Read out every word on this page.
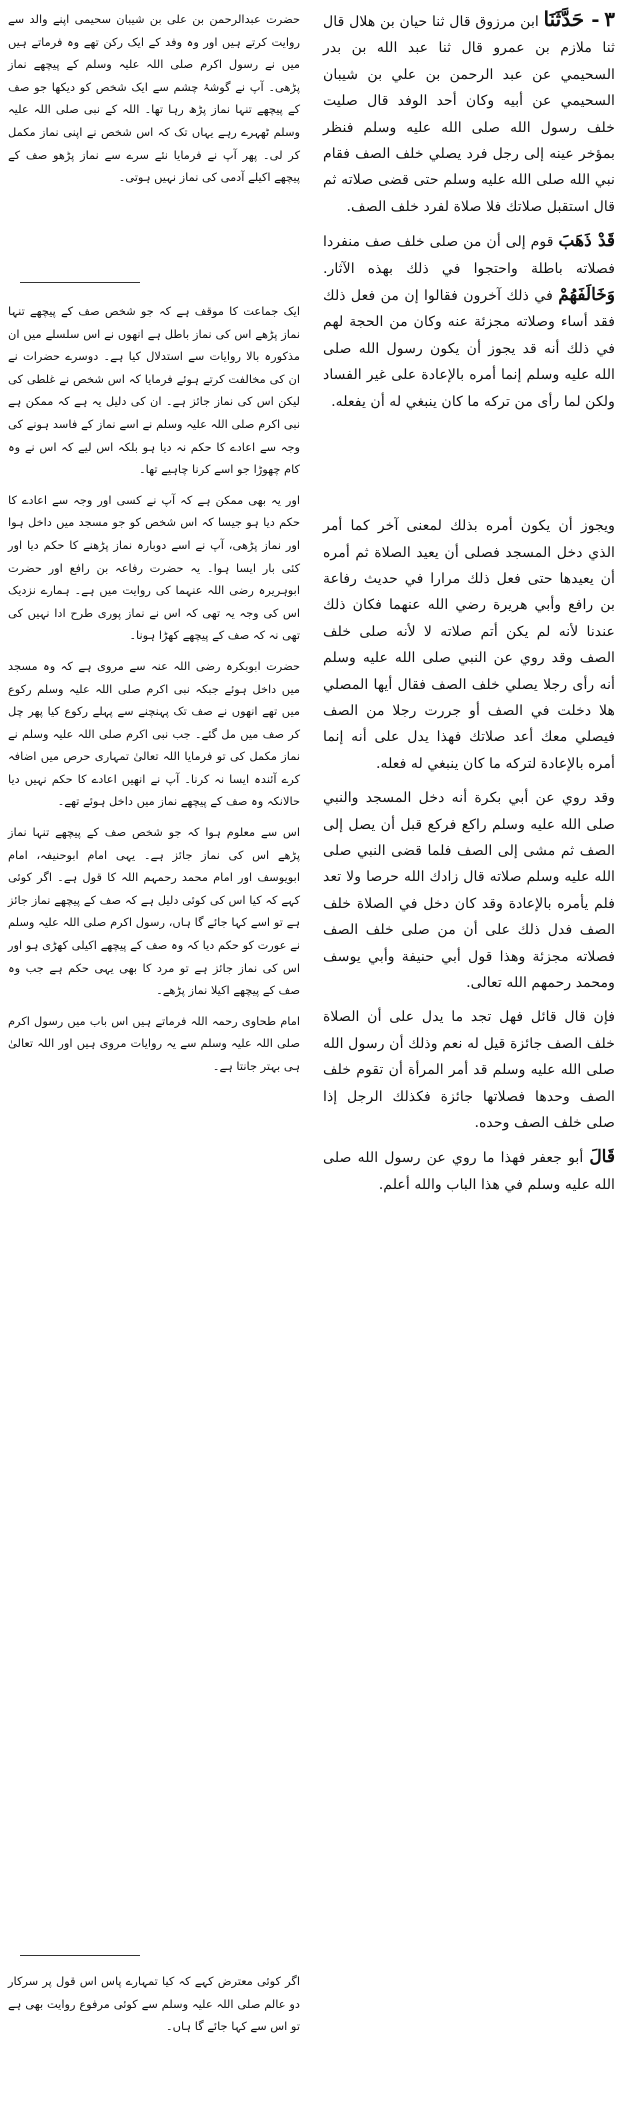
٣ - حَدَّثَنَا ابن مرزوق قال ثنا حيان بن هلال قال ثنا ملازم بن عمرو قال ثنا عبد الله بن بدر السحيمي عن عبد الرحمن بن علي بن شيبان السحيمي عن أبيه وكان أحد الوفد قال صليت خلف رسول الله صلى الله عليه وسلم فنظر بمؤخر عينه إلى رجل فرد يصلي خلف الصف فقام نبي الله صلى الله عليه وسلم حتى قضى صلاته ثم قال استقبل صلاتك فلا صلاة لفرد خلف الصف.
قَدْ ذَهَبَ قوم إلى أن من صلى خلف صف منفردا فصلاته باطلة واحتجوا في ذلك بهذه الآثار. وَخَالَفَهُمْ في ذلك آخرون فقالوا إن من فعل ذلك فقد أساء وصلاته مجزئة عنه وكان من الحجة لهم في ذلك أنه قد يجوز أن يكون رسول الله صلى الله عليه وسلم إنما أمره بالإعادة على غير الفساد ولكن لما رأى من تركه ما كان ينبغي له أن يفعله.
ويجوز أن يكون أمره بذلك لمعنى آخر كما أمر الذي دخل المسجد فصلى أن يعيد الصلاة ثم أمره أن يعيدها حتى فعل ذلك مرارا في حديث رفاعة بن رافع وأبي هريرة رضي الله عنهما فكان ذلك عندنا لأنه لم يكن أتم صلاته لا لأنه صلى خلف الصف وقد روي عن النبي صلى الله عليه وسلم أنه رأى رجلا يصلي خلف الصف فقال أيها المصلي هلا دخلت في الصف أو جررت رجلا من الصف فيصلي معك أعد صلاتك فهذا يدل على أنه إنما أمره بالإعادة لتركه ما كان ينبغي له فعله.
وقد روي عن أبي بكرة أنه دخل المسجد والنبي صلى الله عليه وسلم راكع فركع قبل أن يصل إلى الصف ثم مشى إلى الصف فلما قضى النبي صلى الله عليه وسلم صلاته قال زادك الله حرصا ولا تعد فلم يأمره بالإعادة وقد كان دخل في الصلاة خلف الصف فدل ذلك على أن من صلى خلف الصف فصلاته مجزئة وهذا قول أبي حنيفة وأبي يوسف ومحمد رحمهم الله تعالى.
فإن قال قائل فهل تجد ما يدل على أن الصلاة خلف الصف جائزة قيل له نعم وذلك أن رسول الله صلى الله عليه وسلم قد أمر المرأة أن تقوم خلف الصف وحدها فصلاتها جائزة فكذلك الرجل إذا صلى خلف الصف وحده.
قَالَ أبو جعفر فهذا ما روي عن رسول الله صلى الله عليه وسلم في هذا الباب والله أعلم.
حضرت عبدالرحمن بن علی بن شیبان سحیمی اپنے والد سے روایت کرتے ہیں اور وہ وفد کے ایک رکن تھے وہ فرماتے ہیں میں نے رسول اکرم صلی اللہ علیہ وسلم کے پیچھے نماز پڑھی۔ آپ نے گوشۂ چشم سے ایک شخص کو دیکھا جو صف کے پیچھے تنہا نماز پڑھ رہا تھا۔ اللہ کے نبی صلی اللہ علیہ وسلم ٹھہرے رہے یہاں تک کہ اس شخص نے اپنی نماز مکمل کر لی۔ پھر آپ نے فرمایا نئے سرے سے نماز پڑھو صف کے پیچھے اکیلے آدمی کی نماز نہیں ہوتی۔
ایک جماعت کا موقف ہے کہ جو شخص صف کے پیچھے تنہا نماز پڑھے اس کی نماز باطل ہے انھوں نے اس سلسلے میں ان مذکورہ بالا روایات سے استدلال کیا ہے۔ دوسرے حضرات نے ان کی مخالفت کرتے ہوئے فرمایا کہ اس شخص نے غلطی کی لیکن اس کی نماز جائز ہے۔ ان کی دلیل یہ ہے کہ ممکن ہے نبی اکرم صلی اللہ علیہ وسلم نے اسے نماز کے فاسد ہونے کی وجہ سے اعادے کا حکم نہ دیا ہو بلکہ اس لیے کہ اس نے وہ کام چھوڑا جو اسے کرنا چاہیے تھا۔
اور یہ بھی ممکن ہے کہ آپ نے کسی اور وجہ سے اعادے کا حکم دیا ہو جیسا کہ اس شخص کو جو مسجد میں داخل ہوا اور نماز پڑھی، آپ نے اسے دوبارہ نماز پڑھنے کا حکم دیا اور کئی بار ایسا ہوا۔ یہ حضرت رفاعہ بن رافع اور حضرت ابوہریرہ رضی اللہ عنہما کی روایت میں ہے۔ ہمارے نزدیک اس کی وجہ یہ تھی کہ اس نے نماز پوری طرح ادا نہیں کی تھی نہ کہ صف کے پیچھے کھڑا ہونا۔
حضرت ابوبکرہ رضی اللہ عنہ سے مروی ہے کہ وہ مسجد میں داخل ہوئے جبکہ نبی اکرم صلی اللہ علیہ وسلم رکوع میں تھے انھوں نے صف تک پہنچنے سے پہلے رکوع کیا پھر چل کر صف میں مل گئے۔ جب نبی اکرم صلی اللہ علیہ وسلم نے نماز مکمل کی تو فرمایا اللہ تعالیٰ تمہاری حرص میں اضافہ کرے آئندہ ایسا نہ کرنا۔ آپ نے انھیں اعادے کا حکم نہیں دیا حالانکہ وہ صف کے پیچھے نماز میں داخل ہوئے تھے۔
اس سے معلوم ہوا کہ جو شخص صف کے پیچھے تنہا نماز پڑھے اس کی نماز جائز ہے۔ یہی امام ابوحنیفہ، امام ابویوسف اور امام محمد رحمہم اللہ کا قول ہے۔ اگر کوئی کہے کہ کیا اس کی کوئی دلیل ہے کہ صف کے پیچھے نماز جائز ہے تو اسے کہا جائے گا ہاں، رسول اکرم صلی اللہ علیہ وسلم نے عورت کو حکم دیا کہ وہ صف کے پیچھے اکیلی کھڑی ہو اور اس کی نماز جائز ہے تو مرد کا بھی یہی حکم ہے جب وہ صف کے پیچھے اکیلا نماز پڑھے۔
امام طحاوی رحمہ اللہ فرماتے ہیں اس باب میں رسول اکرم صلی اللہ علیہ وسلم سے یہ روایات مروی ہیں اور اللہ تعالیٰ ہی بہتر جانتا ہے۔
اگر کوئی معترض کہے کہ کیا تمہارے پاس اس قول پر سرکار دو عالم صلی اللہ علیہ وسلم سے کوئی مرفوع روایت بھی ہے تو اس سے کہا جائے گا ہاں۔
